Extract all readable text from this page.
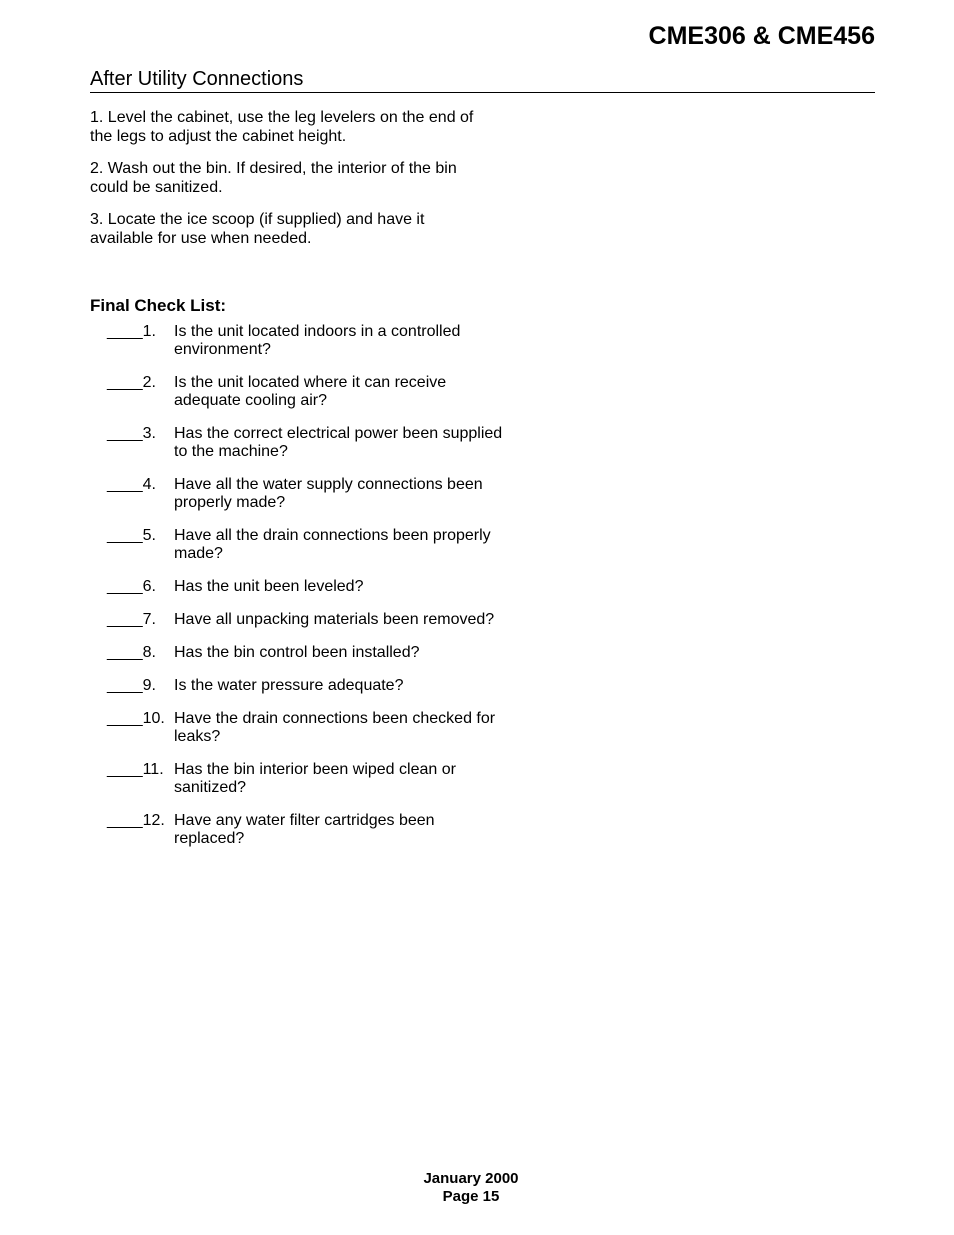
CME306 & CME456
After Utility Connections
1. Level the cabinet, use the leg levelers on the end of the legs to adjust the cabinet height.
2. Wash out the bin. If desired, the interior of the bin could be sanitized.
3. Locate the ice scoop (if supplied) and have it available for use when needed.
Final Check List:
____1. Is the unit located indoors in a controlled environment?
____2. Is the unit located where it can receive adequate cooling air?
____3. Has the correct electrical power been supplied to the machine?
____4. Have all the water supply connections been properly made?
____5. Have all the drain connections been properly made?
____6. Has the unit been leveled?
____7. Have all unpacking materials been removed?
____8. Has the bin control been installed?
____9. Is the water pressure adequate?
____10. Have the drain connections been checked for leaks?
____11. Has the bin interior been wiped clean or sanitized?
____12. Have any water filter cartridges been replaced?
January 2000
Page 15
